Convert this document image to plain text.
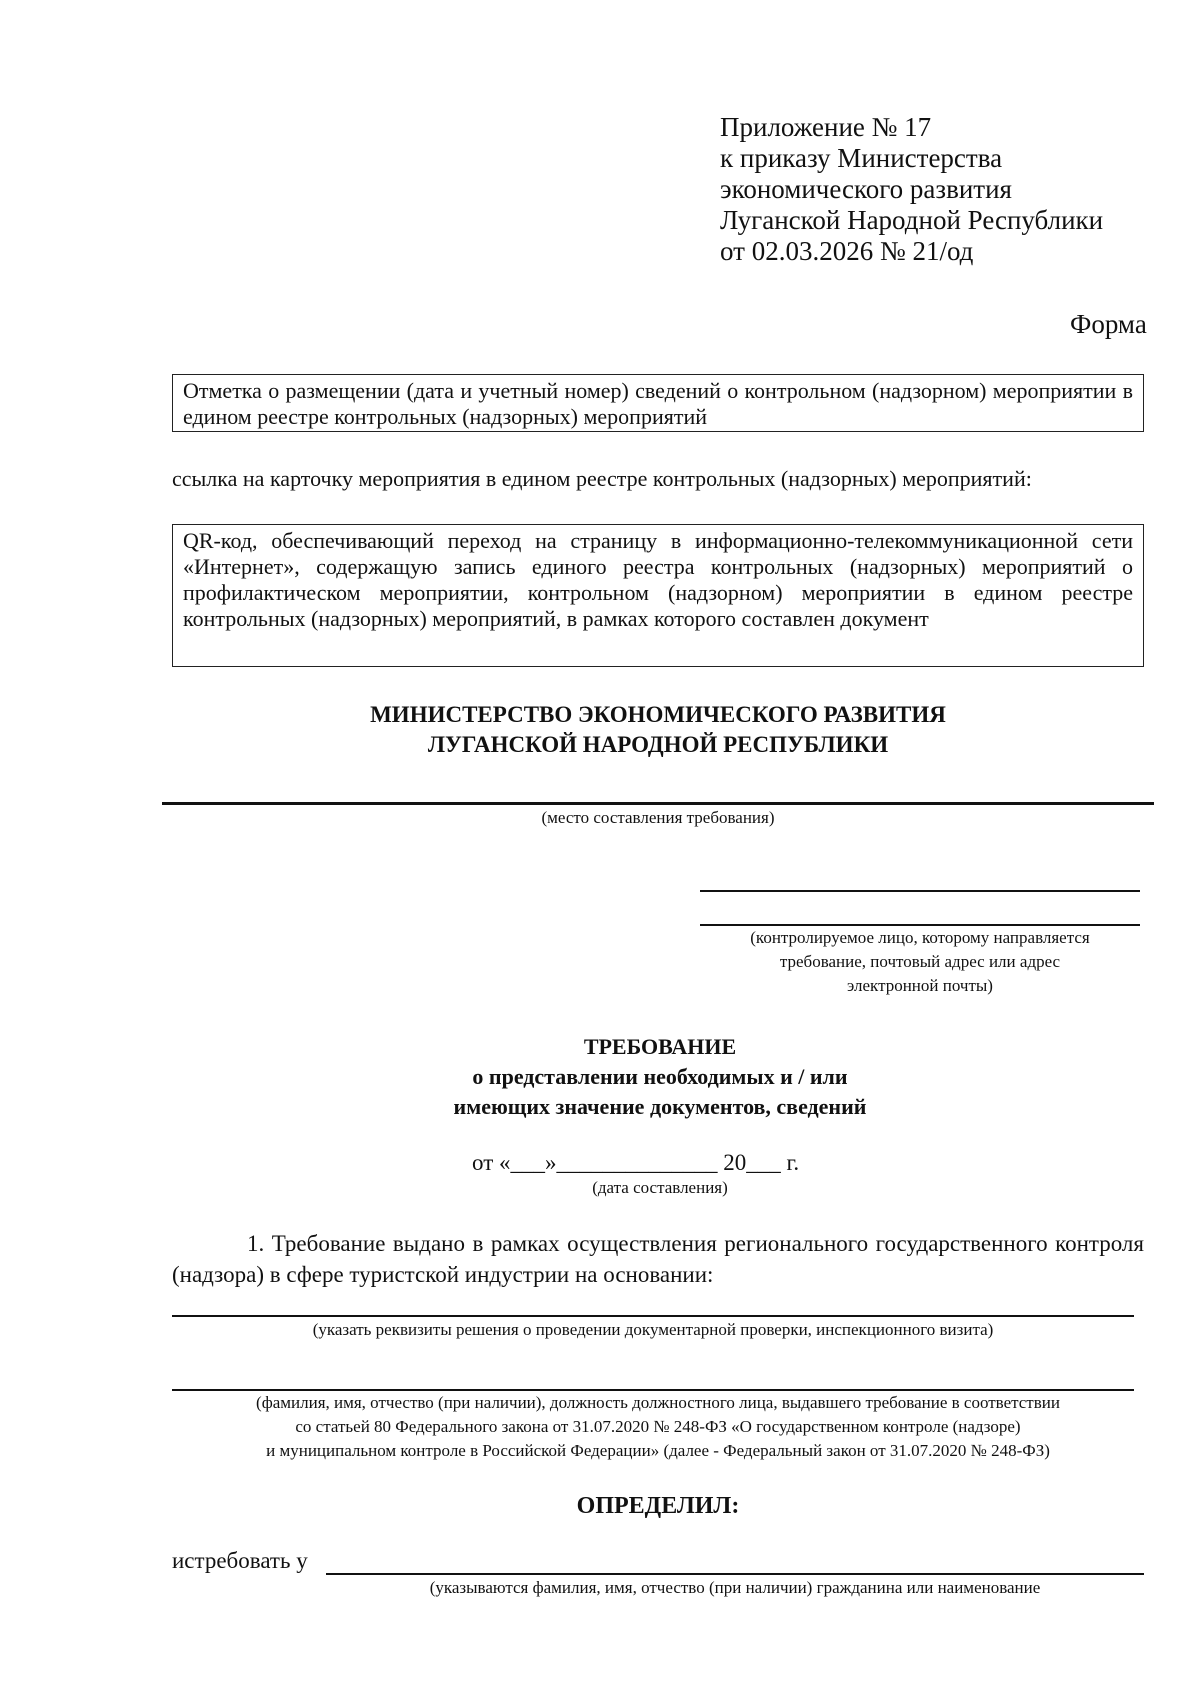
Приложение № 17
к приказу Министерства
экономического развития
Луганской Народной Республики
от 02.03.2026 № 21/од
Форма
Отметка о размещении (дата и учетный номер) сведений о контрольном (надзорном) мероприятии в едином реестре контрольных (надзорных) мероприятий
ссылка на карточку мероприятия в едином реестре контрольных (надзорных) мероприятий:
QR-код, обеспечивающий переход на страницу в информационно-телекоммуникационной сети «Интернет», содержащую запись единого реестра контрольных (надзорных) мероприятий о профилактическом мероприятии, контрольном (надзорном) мероприятии в едином реестре контрольных (надзорных) мероприятий, в рамках которого составлен документ
МИНИСТЕРСТВО ЭКОНОМИЧЕСКОГО РАЗВИТИЯ
ЛУГАНСКОЙ НАРОДНОЙ РЕСПУБЛИКИ
(место составления требования)
(контролируемое лицо, которому направляется
требование, почтовый адрес или адрес
электронной почты)
ТРЕБОВАНИЕ
о представлении необходимых и / или
имеющих значение документов, сведений
от «___»______________ 20___ г.
(дата составления)
1. Требование выдано в рамках осуществления регионального государственного контроля (надзора) в сфере туристской индустрии на основании:
(указать реквизиты решения о проведении документарной проверки, инспекционного визита)
(фамилия, имя, отчество (при наличии), должность должностного лица, выдавшего требование в соответствии
со статьей 80 Федерального закона от 31.07.2020 № 248-ФЗ «О государственном контроле (надзоре)
и муниципальном контроле в Российской Федерации» (далее - Федеральный закон от 31.07.2020 № 248-ФЗ)
ОПРЕДЕЛИЛ:
истребовать у
(указываются фамилия, имя, отчество (при наличии) гражданина или наименование
